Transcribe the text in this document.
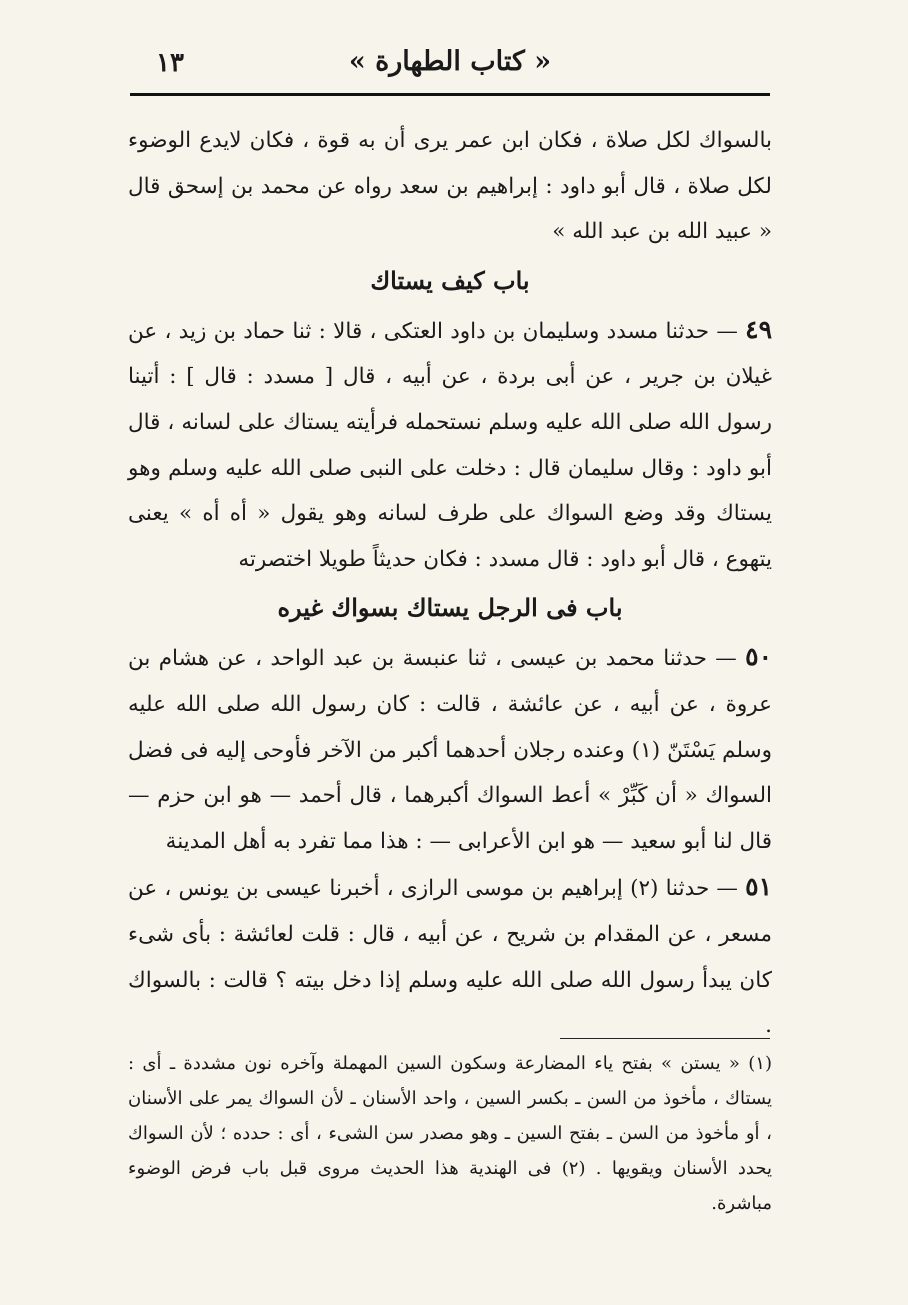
« كتاب الطهارة »
١٣

بالسواك لكل صلاة ، فكان ابن عمر يرى أن به قوة ، فكان لايدع الوضوء لكل صلاة ، قال أبو داود : إبراهيم بن سعد رواه عن محمد بن إسحق قال « عبيد الله بن عبد الله »

باب كيف يستاك

٤٩ — حدثنا مسدد وسليمان بن داود العتكى ، قالا : ثنا حماد بن زيد ، عن غيلان بن جرير ، عن أبى بردة ، عن أبيه ، قال [ مسدد : قال ] : أتينا رسول الله صلى الله عليه وسلم نستحمله فرأيته يستاك على لسانه ، قال أبو داود : وقال سليمان قال : دخلت على النبى صلى الله عليه وسلم وهو يستاك وقد وضع السواك على طرف لسانه وهو يقول « أه أه » يعنى يتهوع ، قال أبو داود : قال مسدد : فكان حديثاً طويلا اختصرته

باب فى الرجل يستاك بسواك غيره

٥٠ — حدثنا محمد بن عيسى ، ثنا عنبسة بن عبد الواحد ، عن هشام بن عروة ، عن أبيه ، عن عائشة ، قالت : كان رسول الله صلى الله عليه وسلم يَسْتَنّ (١) وعنده رجلان أحدهما أكبر من الآخر فأوحى إليه فى فضل السواك « أن كَبِّرْ » أعط السواك أكبرهما ، قال أحمد — هو ابن حزم — قال لنا أبو سعيد — هو ابن الأعرابى — : هذا مما تفرد به أهل المدينة

٥١ — حدثنا (٢) إبراهيم بن موسى الرازى ، أخبرنا عيسى بن يونس ، عن مسعر ، عن المقدام بن شريح ، عن أبيه ، قال : قلت لعائشة : بأى شىء كان يبدأ رسول الله صلى الله عليه وسلم إذا دخل بيته ؟ قالت : بالسواك .

(١) « يستن » بفتح ياء المضارعة وسكون السين المهملة وآخره نون مشددة ـ أى : يستاك ، مأخوذ من السن ـ بكسر السين ، واحد الأسنان ـ لأن السواك يمر على الأسنان ، أو مأخوذ من السن ـ بفتح السين ـ وهو مصدر سن الشىء ، أى : حدده ؛ لأن السواك يحدد الأسنان ويقويها . (٢) فى الهندية هذا الحديث مروى قبل باب فرض الوضوء مباشرة.
